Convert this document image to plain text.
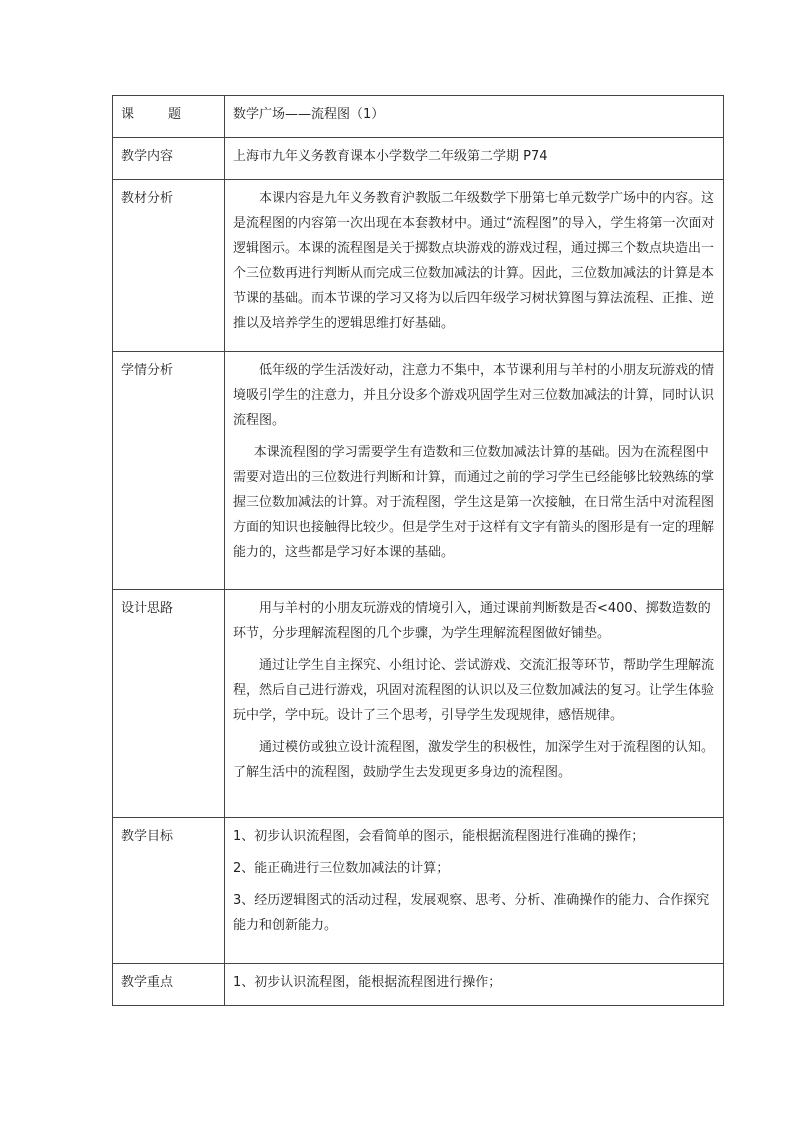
课 题	数学广场——流程图（1）
教学内容	上海市九年义务教育课本小学数学二年级第二学期 P74
教材分析	本课内容是九年义务教育沪教版二年级数学下册第七单元数学广场中的内容。这是流程图的内容第一次出现在本套教材中。通过“流程图”的导入，学生将第一次面对逻辑图示。本课的流程图是关于掷数点块游戏的游戏过程，通过掷三个数点块造出一个三位数再进行判断从而完成三位数加减法的计算。因此，三位数加减法的计算是本节课的基础。而本节课的学习又将为以后四年级学习树状算图与算法流程、正推、逆推以及培养学生的逻辑思维打好基础。

学情分析	低年级的学生活泼好动，注意力不集中，本节课利用与羊村的小朋友玩游戏的情境吸引学生的注意力，并且分设多个游戏巩固学生对三位数加减法的计算，同时认识流程图。

本课流程图的学习需要学生有造数和三位数加减法计算的基础。因为在流程图中需要对造出的三位数进行判断和计算，而通过之前的学习学生已经能够比较熟练的掌握三位数加减法的计算。对于流程图，学生这是第一次接触，在日常生活中对流程图方面的知识也接触得比较少。但是学生对于这样有文字有箭头的图形是有一定的理解能力的，这些都是学习好本课的基础。

设计思路	用与羊村的小朋友玩游戏的情境引入，通过课前判断数是否<400、掷数造数的环节，分步理解流程图的几个步骤，为学生理解流程图做好铺垫。

通过让学生自主探究、小组讨论、尝试游戏、交流汇报等环节，帮助学生理解流程，然后自己进行游戏，巩固对流程图的认识以及三位数加减法的复习。让学生体验玩中学，学中玩。设计了三个思考，引导学生发现规律，感悟规律。

通过模仿或独立设计流程图，激发学生的积极性，加深学生对于流程图的认知。了解生活中的流程图，鼓励学生去发现更多身边的流程图。

教学目标	1、初步认识流程图，会看简单的图示，能根据流程图进行准确的操作；

2、能正确进行三位数加减法的计算；

3、经历逻辑图式的活动过程，发展观察、思考、分析、准确操作的能力、合作探究能力和创新能力。

教学重点	1、初步认识流程图，能根据流程图进行操作；
